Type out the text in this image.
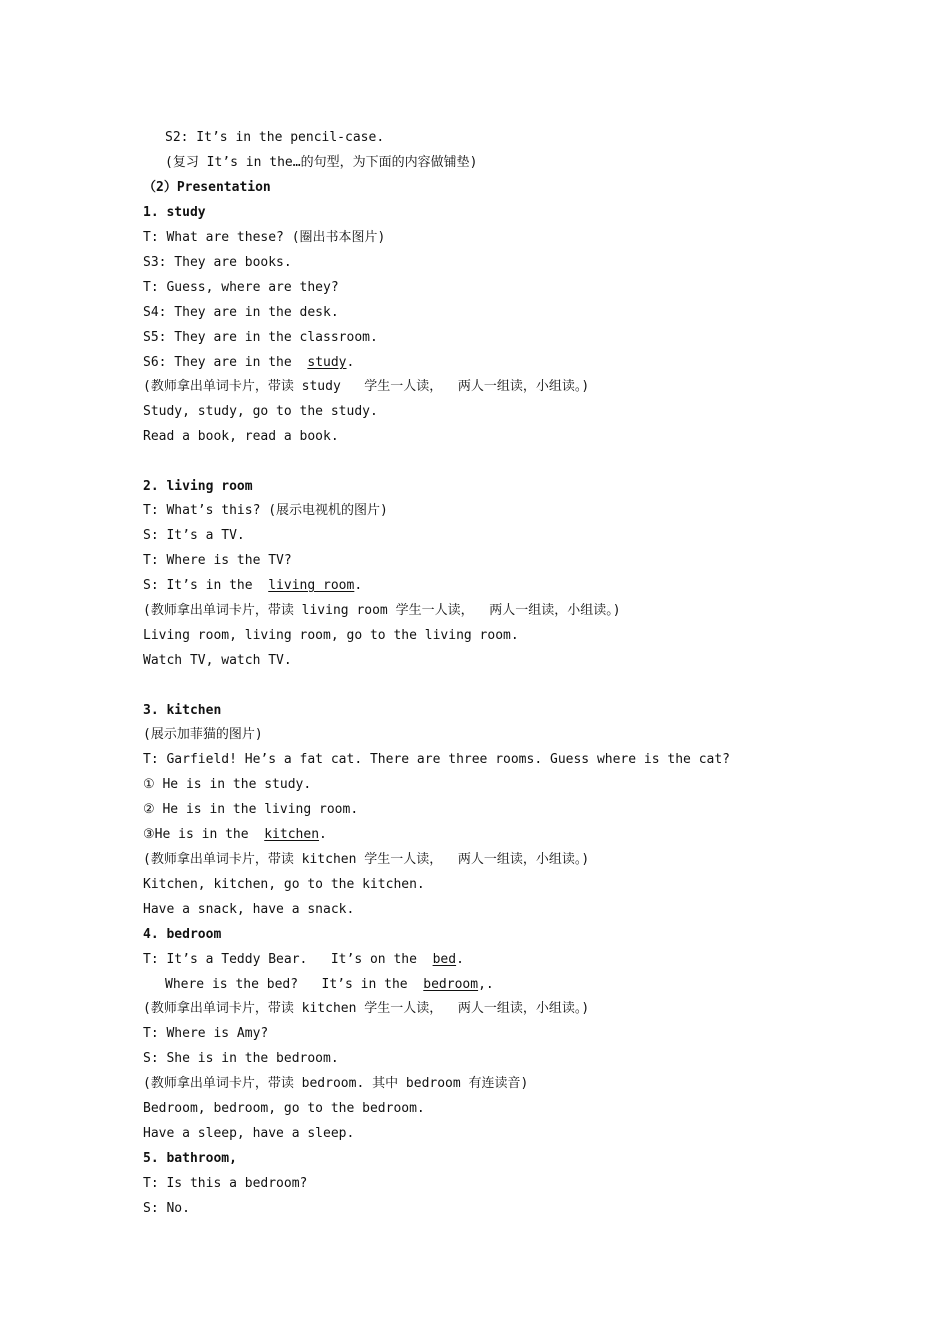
S2: It’s in the pencil-case.
(复习 It’s in the…的句型，为下面的内容做铺垫)
（2）Presentation
1. study
T: What are these? (圈出书本图片)
S3: They are books.
T: Guess, where are they?
S4: They are in the desk.
S5: They are in the classroom.
S6: They are in the  study.
(教师拿出单词卡片，带读 study   学生一人读，  两人一组读，小组读。)
Study, study, go to the study.
Read a book, read a book.
2. living room
T: What’s this? (展示电视机的图片)
S: It’s a TV.
T: Where is the TV?
S: It’s in the  living room.
(教师拿出单词卡片，带读 living room 学生一人读，  两人一组读，小组读。)
Living room, living room, go to the living room.
Watch TV, watch TV.
3. kitchen
(展示加菲猫的图片)
T: Garfield! He’s a fat cat. There are three rooms. Guess where is the cat?
① He is in the study.
② He is in the living room.
③He is in the  kitchen.
(教师拿出单词卡片，带读 kitchen 学生一人读，  两人一组读，小组读。)
Kitchen, kitchen, go to the kitchen.
Have a snack, have a snack.
4. bedroom
T: It’s a Teddy Bear.   It’s on the  bed.
Where is the bed?   It’s in the  bedroom,.
(教师拿出单词卡片，带读 kitchen 学生一人读，  两人一组读，小组读。)
T: Where is Amy?
S: She is in the bedroom.
(教师拿出单词卡片，带读 bedroom. 其中 bedroom 有连读音)
Bedroom, bedroom, go to the bedroom.
Have a sleep, have a sleep.
5. bathroom,
T: Is this a bedroom?
S: No.
